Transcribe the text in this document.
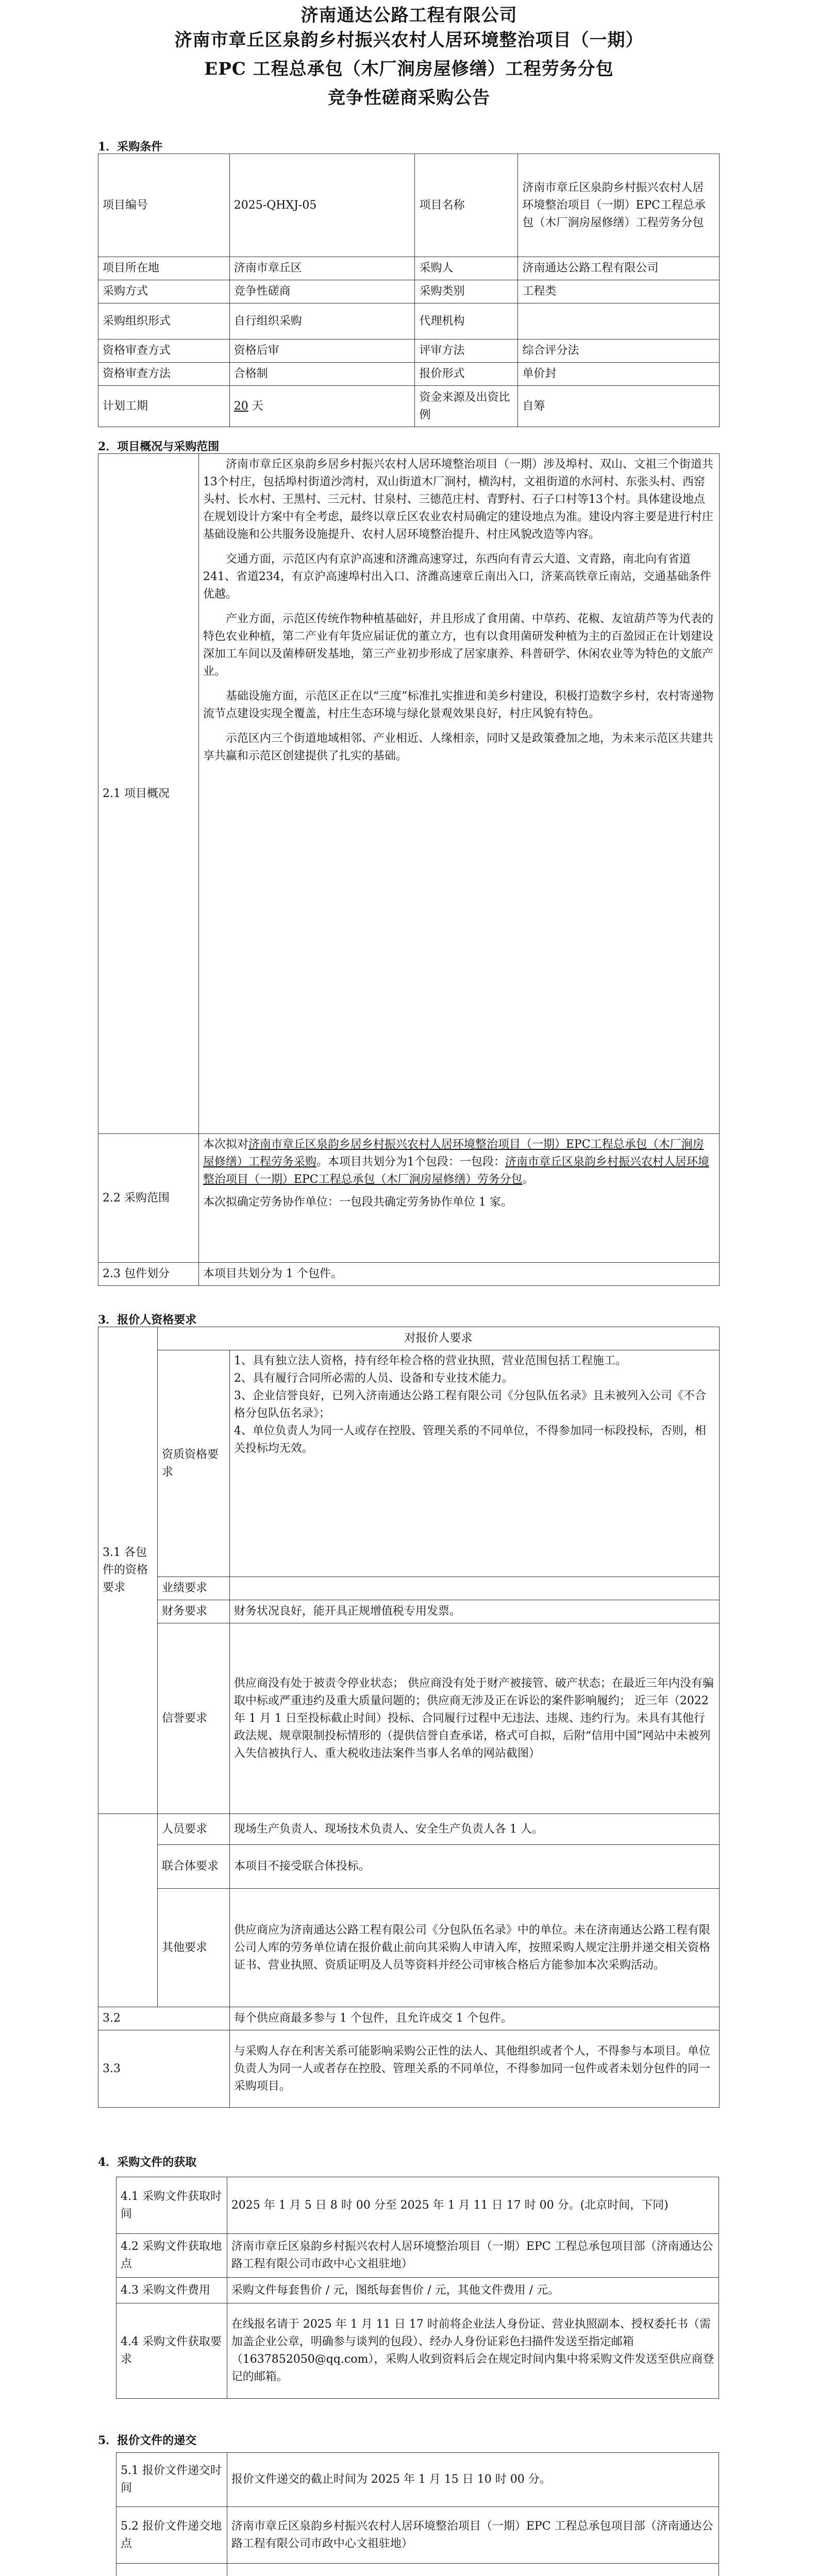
济南通达公路工程有限公司
济南市章丘区泉韵乡村振兴农村人居环境整治项目（一期）
EPC 工程总承包（木厂涧房屋修缮）工程劳务分包
竞争性磋商采购公告
1．采购条件
项目编号	2025-QHXJ-05	项目名称	济南市章丘区泉韵乡村振兴农村人居环境整治项目（一期）EPC工程总承包（木厂涧房屋修缮）工程劳务分包
项目所在地	济南市章丘区	采购人	济南通达公路工程有限公司
采购方式	竞争性磋商	采购类别	工程类
采购组织形式	自行组织采购	代理机构	
资格审查方式	资格后审	评审方法	综合评分法
资格审查方法	合格制	报价形式	单价封
计划工期	20 天	资金来源及出资比例	自筹
2．项目概况与采购范围
2.1 项目概况	济南市章丘区泉韵乡居乡村振兴农村人居环境整治项目（一期）涉及埠村、双山、文祖三个街道共13个村庄，包括埠村街道沙湾村，双山街道木厂涧村，横沟村，文祖街道的水河村、东张头村、西窑头村、长水村、王黑村、三元村、甘泉村、三德范庄村、青野村、石子口村等13个村。具体建设地点在规划设计方案中有全考虑，最终以章丘区农业农村局确定的建设地点为准。建设内容主要是进行村庄基础设施和公共服务设施提升、农村人居环境整治提升、村庄风貌改造等内容。

交通方面，示范区内有京沪高速和济潍高速穿过，东西向有青云大道、文青路，南北向有省道241、省道234，有京沪高速埠村出入口、济潍高速章丘南出入口，济莱高铁章丘南站，交通基础条件优越。

产业方面，示范区传统作物种植基础好，并且形成了食用菌、中草药、花椒、友谊葫芦等为代表的特色农业种植，第二产业有年货应届证优的董立方，也有以食用菌研发种植为主的百盈园正在计划建设深加工车间以及菌棒研发基地，第三产业初步形成了居家康养、科普研学、休闲农业等为特色的文旅产业。

基础设施方面，示范区正在以“三度”标准扎实推进和美乡村建设，积极打造数字乡村，农村寄递物流节点建设实现全覆盖，村庄生态环境与绿化景观效果良好，村庄风貌有特色。

示范区内三个街道地域相邻、产业相近、人缘相亲，同时又是政策叠加之地，为未来示范区共建共享共赢和示范区创建提供了扎实的基础。

2.2 采购范围	本次拟对济南市章丘区泉韵乡居乡村振兴农村人居环境整治项目（一期）EPC工程总承包（木厂涧房屋修缮）工程劳务采购。本项目共划分为1个包段：一包段：济南市章丘区泉韵乡村振兴农村人居环境整治项目（一期）EPC工程总承包（木厂涧房屋修缮）劳务分包。

本次拟确定劳务协作单位：一包段共确定劳务协作单位 1 家。

2.3 包件划分	本项目共划分为 1 个包件。
3．报价人资格要求
3.1 各包件的资格要求	对报价人要求	
	资质资格要求	1、具有独立法人资格，持有经年检合格的营业执照，营业范围包括工程施工。
2、具有履行合同所必需的人员、设备和专业技术能力。
3、企业信誉良好，已列入济南通达公路工程有限公司《分包队伍名录》且未被列入公司《不合格分包队伍名录》；
4、单位负责人为同一人或存在控股、管理关系的不同单位，不得参加同一标段投标，否则，相关投标均无效。

	业绩要求	
	财务要求	财务状况良好，能开具正规增值税专用发票。
	信誉要求	供应商没有处于被责令停业状态； 供应商没有处于财产被接管、破产状态；在最近三年内没有骗取中标或严重违约及重大质量问题的；供应商无涉及正在诉讼的案件影响履约； 近三年（2022 年 1 月 1 日至投标截止时间）投标、合同履行过程中无违法、违规、违约行为。未具有其他行政法规、规章限制投标情形的（提供信誉自查承诺，格式可自拟，后附“信用中国”网站中未被列入失信被执行人、重大税收违法案件当事人名单的网站截图）
	人员要求	现场生产负责人、现场技术负责人、安全生产负责人各 1 人。
	联合体要求	本项目不接受联合体投标。
	其他要求	供应商应为济南通达公路工程有限公司《分包队伍名录》中的单位。未在济南通达公路工程有限公司人库的劳务单位请在报价截止前向其采购人申请入库，按照采购人规定注册并递交相关资格证书、营业执照、资质证明及人员等资料并经公司审核合格后方能参加本次采购活动。
3.2		每个供应商最多参与 1 个包件，且允许成交 1 个包件。
3.3		与采购人存在利害关系可能影响采购公正性的法人、其他组织或者个人，不得参与本项目。单位负责人为同一人或者存在控股、管理关系的不同单位，不得参加同一包件或者未划分包件的同一采购项目。
4．采购文件的获取
4.1 采购文件获取时间	2025 年 1 月 5 日 8 时 00 分至 2025 年 1 月 11 日 17 时 00 分。(北京时间，下同)
4.2 采购文件获取地点	济南市章丘区泉韵乡村振兴农村人居环境整治项目（一期）EPC 工程总承包项目部（济南通达公路工程有限公司市政中心文祖驻地）
4.3 采购文件费用	采购文件每套售价 / 元，图纸每套售价 / 元，其他文件费用 / 元。
4.4 采购文件获取要求	在线报名请于 2025 年 1 月 11 日 17 时前将企业法人身份证、营业执照副本、授权委托书（需加盖企业公章，明确参与谈判的包段）、经办人身份证彩色扫描件发送至指定邮箱（1637852050@qq.com），采购人收到资料后会在规定时间内集中将采购文件发送至供应商登记的邮箱。
5．报价文件的递交
5.1 报价文件递交时间	报价文件递交的截止时间为 2025 年 1 月 15 日 10 时 00 分。
5.2 报价文件递交地点	济南市章丘区泉韵乡村振兴农村人居环境整治项目（一期）EPC 工程总承包项目部（济南通达公路工程有限公司市政中心文祖驻地）
